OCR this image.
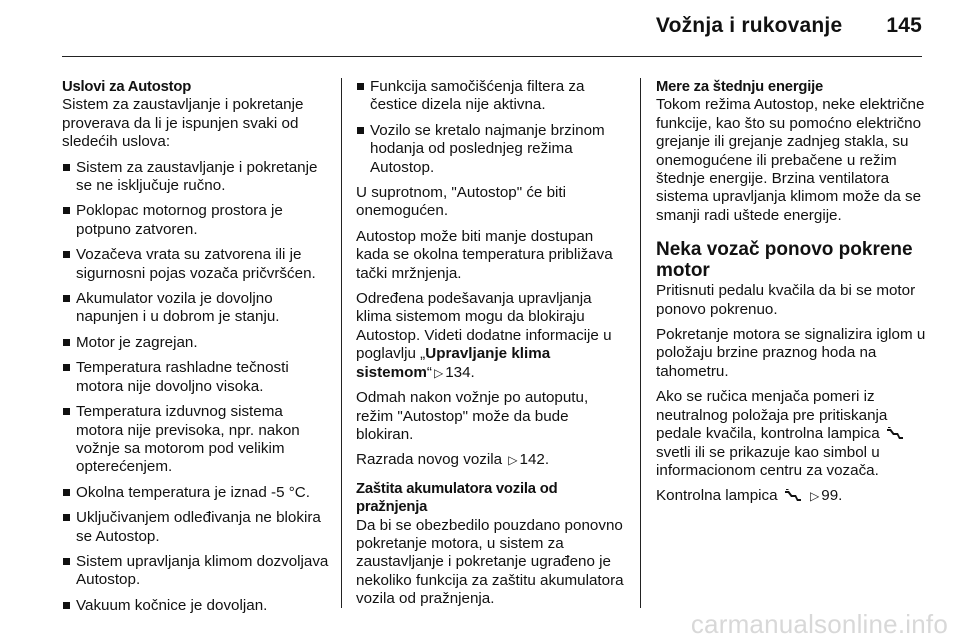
Vožnja i rukovanje 145

Uslovi za Autostop

Sistem za zaustavljanje i pokretanje proverava da li je ispunjen svaki od sledećih uslova:

Sistem za zaustavljanje i pokretanje se ne isključuje ručno.
Poklopac motornog prostora je potpuno zatvoren.
Vozačeva vrata su zatvorena ili je sigurnosni pojas vozača pričvršćen.
Akumulator vozila je dovoljno napunjen i u dobrom je stanju.
Motor je zagrejan.
Temperatura rashladne tečnosti motora nije dovoljno visoka.
Temperatura izduvnog sistema motora nije previsoka, npr. nakon vožnje sa motorom pod velikim opterećenjem.
Okolna temperatura je iznad -5 °C.
Uključivanjem odleđivanja ne blokira se Autostop.
Sistem upravljanja klimom dozvoljava Autostop.
Vakuum kočnice je dovoljan.
Funkcija samočišćenja filtera za čestice dizela nije aktivna.
Vozilo se kretalo najmanje brzinom hodanja od poslednjeg režima Autostop.

U suprotnom, "Autostop" će biti onemogućen.

Autostop može biti manje dostupan kada se okolna temperatura približava tački mržnjenja.

Određena podešavanja upravljanja klima sistemom mogu da blokiraju Autostop. Videti dodatne informacije u poglavlju „Upravljanje klima sistemom“ ▷ 134.

Odmah nakon vožnje po autoputu, režim "Autostop" može da bude blokiran.

Razrada novog vozila ▷ 142.

Zaštita akumulatora vozila od pražnjenja

Da bi se obezbedilo pouzdano ponovno pokretanje motora, u sistem za zaustavljanje i pokretanje ugrađeno je nekoliko funkcija za zaštitu akumulatora vozila od pražnjenja.

Mere za štednju energije

Tokom režima Autostop, neke električne funkcije, kao što su pomoćno električno grejanje ili grejanje zadnjeg stakla, su onemogućene ili prebačene u režim štednje energije. Brzina ventilatora sistema upravljanja klimom može da se smanji radi uštede energije.

Neka vozač ponovo pokrene motor

Pritisnuti pedalu kvačila da bi se motor ponovo pokrenuo.

Pokretanje motora se signalizira iglom u položaju brzine praznog hoda na tahometru.

Ako se ručica menjača pomeri iz neutralnog položaja pre pritiskanja pedale kvačila, kontrolna lampica  svetli ili se prikazuje kao simbol u informacionom centru za vozača.

Kontrolna lampica	▷ 99.

carmanualsonline.info
